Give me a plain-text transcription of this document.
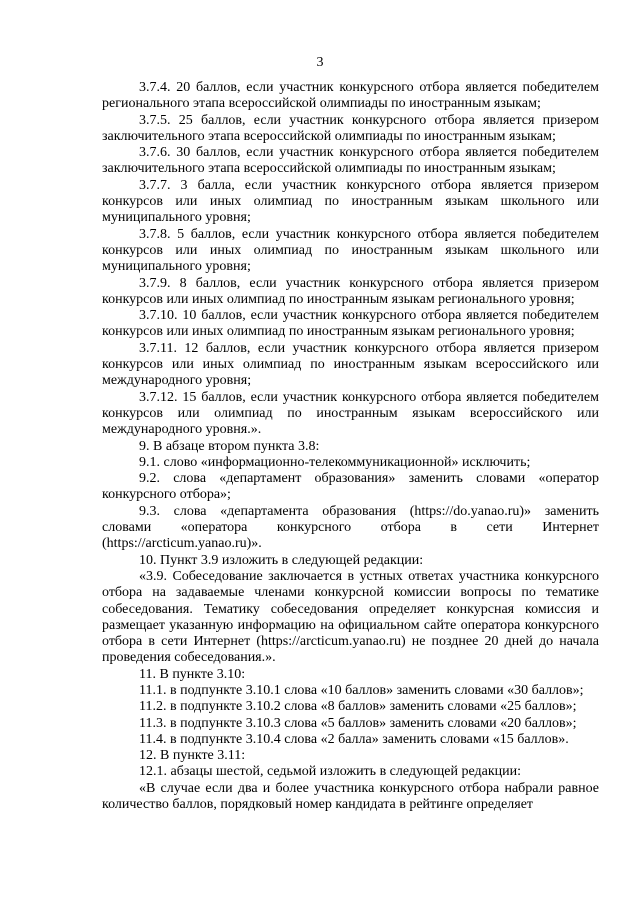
3

3.7.4. 20 баллов, если участник конкурсного отбора является победителем регионального этапа всероссийской олимпиады по иностранным языкам;

3.7.5. 25 баллов, если участник конкурсного отбора является призером заключительного этапа всероссийской олимпиады по иностранным языкам;

3.7.6. 30 баллов, если участник конкурсного отбора является победителем заключительного этапа всероссийской олимпиады по иностранным языкам;

3.7.7. 3 балла, если участник конкурсного отбора является призером конкурсов или иных олимпиад по иностранным языкам школьного или муниципального уровня;

3.7.8. 5 баллов, если участник конкурсного отбора является победителем конкурсов или иных олимпиад по иностранным языкам школьного или муниципального уровня;

3.7.9. 8 баллов, если участник конкурсного отбора является призером конкурсов или иных олимпиад по иностранным языкам регионального уровня;

3.7.10. 10 баллов, если участник конкурсного отбора является победителем конкурсов или иных олимпиад по иностранным языкам регионального уровня;

3.7.11. 12 баллов, если участник конкурсного отбора является призером конкурсов или иных олимпиад по иностранным языкам всероссийского или международного уровня;

3.7.12. 15 баллов, если участник конкурсного отбора является победителем конкурсов или олимпиад по иностранным языкам всероссийского или международного уровня.».

9. В абзаце втором пункта 3.8:

9.1. слово «информационно-телекоммуникационной» исключить;

9.2. слова «департамент образования» заменить словами «оператор конкурсного отбора»;

9.3. слова «департамента образования (https://do.yanao.ru)» заменить словами «оператора конкурсного отбора в сети Интернет (https://arcticum.yanao.ru)».

10. Пункт 3.9 изложить в следующей редакции:

«3.9. Собеседование заключается в устных ответах участника конкурсного отбора на задаваемые членами конкурсной комиссии вопросы по тематике собеседования. Тематику собеседования определяет конкурсная комиссия и размещает указанную информацию на официальном сайте оператора конкурсного отбора в сети Интернет (https://arcticum.yanao.ru) не позднее 20 дней до начала проведения собеседования.».

11. В пункте 3.10:

11.1. в подпункте 3.10.1 слова «10 баллов» заменить словами «30 баллов»;

11.2. в подпункте 3.10.2 слова «8 баллов» заменить словами «25 баллов»;

11.3. в подпункте 3.10.3 слова «5 баллов» заменить словами «20 баллов»;

11.4. в подпункте 3.10.4 слова «2 балла» заменить словами «15 баллов».

12. В пункте 3.11:

12.1. абзацы шестой, седьмой изложить в следующей редакции:

«В случае если два и более участника конкурсного отбора набрали равное количество баллов, порядковый номер кандидата в рейтинге определяет
